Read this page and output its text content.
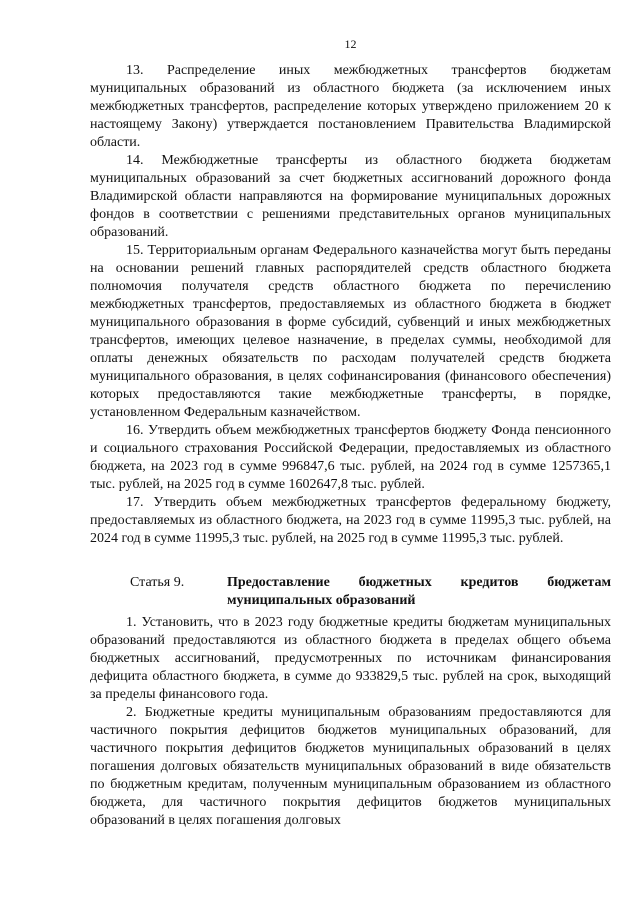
12

13. Распределение иных межбюджетных трансфертов бюджетам муниципальных образований из областного бюджета (за исключением иных межбюджетных трансфертов, распределение которых утверждено приложением 20 к настоящему Закону) утверждается постановлением Правительства Владимирской области.

14. Межбюджетные трансферты из областного бюджета бюджетам муниципальных образований за счет бюджетных ассигнований дорожного фонда Владимирской области направляются на формирование муниципальных дорожных фондов в соответствии с решениями представительных органов муниципальных образований.

15. Территориальным органам Федерального казначейства могут быть переданы на основании решений главных распорядителей средств областного бюджета полномочия получателя средств областного бюджета по перечислению межбюджетных трансфертов, предоставляемых из областного бюджета в бюджет муниципального образования в форме субсидий, субвенций и иных межбюджетных трансфертов, имеющих целевое назначение, в пределах суммы, необходимой для оплаты денежных обязательств по расходам получателей средств бюджета муниципального образования, в целях софинансирования (финансового обеспечения) которых предоставляются такие межбюджетные трансферты, в порядке, установленном Федеральным казначейством.

16. Утвердить объем межбюджетных трансфертов бюджету Фонда пенсионного и социального страхования Российской Федерации, предоставляемых из областного бюджета, на 2023 год в сумме 996847,6 тыс. рублей, на 2024 год в сумме 1257365,1 тыс. рублей, на 2025 год в сумме 1602647,8 тыс. рублей.

17. Утвердить объем межбюджетных трансфертов федеральному бюджету, предоставляемых из областного бюджета, на 2023 год в сумме 11995,3 тыс. рублей, на 2024 год в сумме 11995,3 тыс. рублей, на 2025 год в сумме 11995,3 тыс. рублей.

Статья 9.	Предоставление бюджетных кредитов бюджетам
муниципальных образований

1. Установить, что в 2023 году бюджетные кредиты бюджетам муниципальных образований предоставляются из областного бюджета в пределах общего объема бюджетных ассигнований, предусмотренных по источникам финансирования дефицита областного бюджета, в сумме до 933829,5 тыс. рублей на срок, выходящий за пределы финансового года.

2. Бюджетные кредиты муниципальным образованиям предоставляются для частичного покрытия дефицитов бюджетов муниципальных образований, для частичного покрытия дефицитов бюджетов муниципальных образований в целях погашения долговых обязательств муниципальных образований в виде обязательств по бюджетным кредитам, полученным муниципальным образованием из областного бюджета, для частичного покрытия дефицитов бюджетов муниципальных образований в целях погашения долговых
